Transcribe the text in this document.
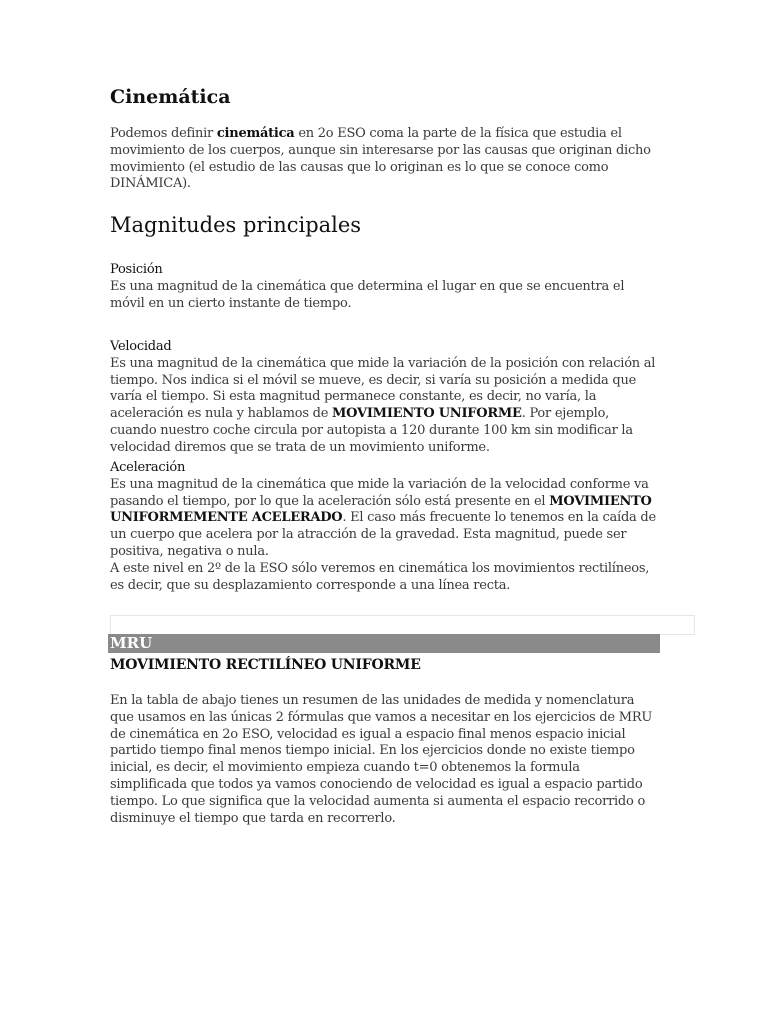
Cinemática

Podemos definir cinemática en 2o ESO coma la parte de la física que estudia el movimiento de los cuerpos, aunque sin interesarse por las causas que originan dicho movimiento (el estudio de las causas que lo originan es lo que se conoce como DINÁMICA).

Magnitudes principales

Posición
Es una magnitud de la cinemática que determina el lugar en que se encuentra el móvil en un cierto instante de tiempo.

Velocidad
Es una magnitud de la cinemática que mide la variación de la posición con relación al tiempo. Nos indica si el móvil se mueve, es decir, si varía su posición a medida que varía el tiempo. Si esta magnitud permanece constante, es decir, no varía, la aceleración es nula y hablamos de MOVIMIENTO UNIFORME. Por ejemplo, cuando nuestro coche circula por autopista a 120 durante 100 km sin modificar la velocidad diremos que se trata de un movimiento uniforme.

Aceleración
Es una magnitud de la cinemática que mide la variación de la velocidad conforme va pasando el tiempo, por lo que la aceleración sólo está presente en el MOVIMIENTO UNIFORMEMENTE ACELERADO. El caso más frecuente lo tenemos en la caída de un cuerpo que acelera por la atracción de la gravedad. Esta magnitud, puede ser positiva, negativa o nula.
A este nivel en 2º de la ESO sólo veremos en cinemática los movimientos rectilíneos, es decir, que su desplazamiento corresponde a una línea recta.

MOVIMIENTO RECTILÍNEO UNIFORME

En la tabla de abajo tienes un resumen de las unidades de medida y nomenclatura que usamos en las únicas 2 fórmulas que vamos a necesitar en los ejercicios de MRU de cinemática en 2o ESO, velocidad es igual a espacio final menos espacio inicial partido tiempo final menos tiempo inicial. En los ejercicios donde no existe tiempo inicial, es decir, el movimiento empieza cuando t=0 obtenemos la formula simplificada que todos ya vamos conociendo de velocidad es igual a espacio partido tiempo. Lo que significa que la velocidad aumenta si aumenta el espacio recorrido o disminuye el tiempo que tarda en recorrerlo.

MRU
